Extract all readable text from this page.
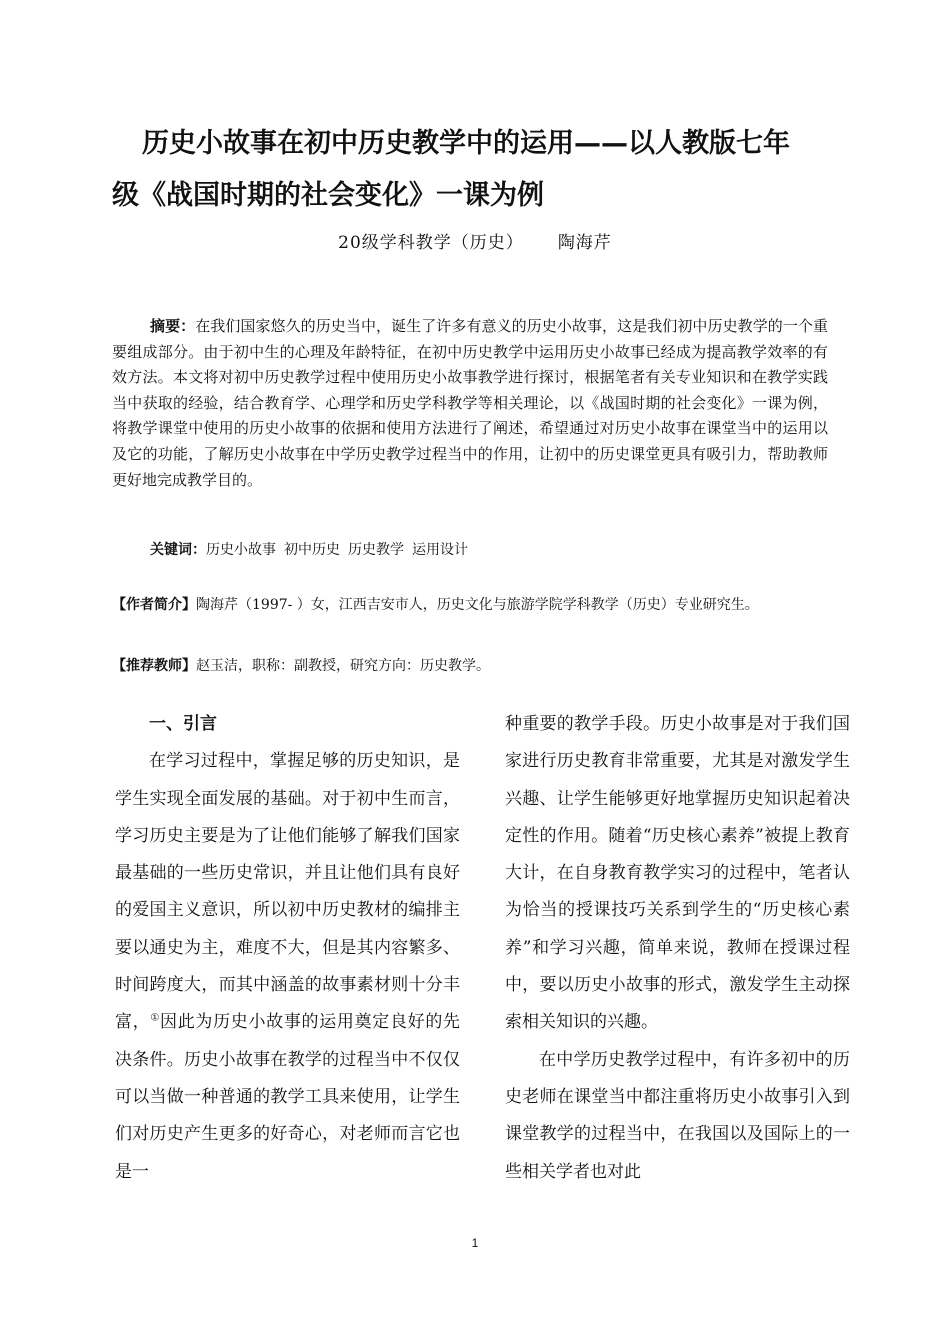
历史小故事在初中历史教学中的运用——以人教版七年
级《战国时期的社会变化》一课为例
20级学科教学（历史） 陶海芹

摘要：在我们国家悠久的历史当中，诞生了许多有意义的历史小故事，这是我们初中历史教学的一个重要组成部分。由于初中生的心理及年龄特征，在初中历史教学中运用历史小故事已经成为提高教学效率的有效方法。本文将对初中历史教学过程中使用历史小故事教学进行探讨，根据笔者有关专业知识和在教学实践当中获取的经验，结合教育学、心理学和历史学科教学等相关理论，以《战国时期的社会变化》一课为例，将教学课堂中使用的历史小故事的依据和使用方法进行了阐述，希望通过对历史小故事在课堂当中的运用以及它的功能，了解历史小故事在中学历史教学过程当中的作用，让初中的历史课堂更具有吸引力，帮助教师更好地完成教学目的。

关键词：历史小故事 初中历史 历史教学 运用设计

【作者简介】陶海芹（1997- ）女，江西吉安市人，历史文化与旅游学院学科教学（历史）专业研究生。

【推荐教师】赵玉洁，职称：副教授，研究方向：历史教学。
一、引言

在学习过程中，掌握足够的历史知识，是学生实现全面发展的基础。对于初中生而言，学习历史主要是为了让他们能够了解我们国家最基础的一些历史常识，并且让他们具有良好的爱国主义意识，所以初中历史教材的编排主要以通史为主，难度不大，但是其内容繁多、时间跨度大，而其中涵盖的故事素材则十分丰富，①因此为历史小故事的运用奠定良好的先决条件。历史小故事在教学的过程当中不仅仅可以当做一种普通的教学工具来使用，让学生们对历史产生更多的好奇心，对老师而言它也是一

种重要的教学手段。历史小故事是对于我们国家进行历史教育非常重要，尤其是对激发学生兴趣、让学生能够更好地掌握历史知识起着决定性的作用。随着“历史核心素养”被提上教育大计，在自身教育教学实习的过程中，笔者认为恰当的授课技巧关系到学生的“历史核心素养”和学习兴趣，简单来说，教师在授课过程中，要以历史小故事的形式，激发学生主动探索相关知识的兴趣。

在中学历史教学过程中，有许多初中的历史老师在课堂当中都注重将历史小故事引入到课堂教学的过程当中，在我国以及国际上的一些相关学者也对此

1
